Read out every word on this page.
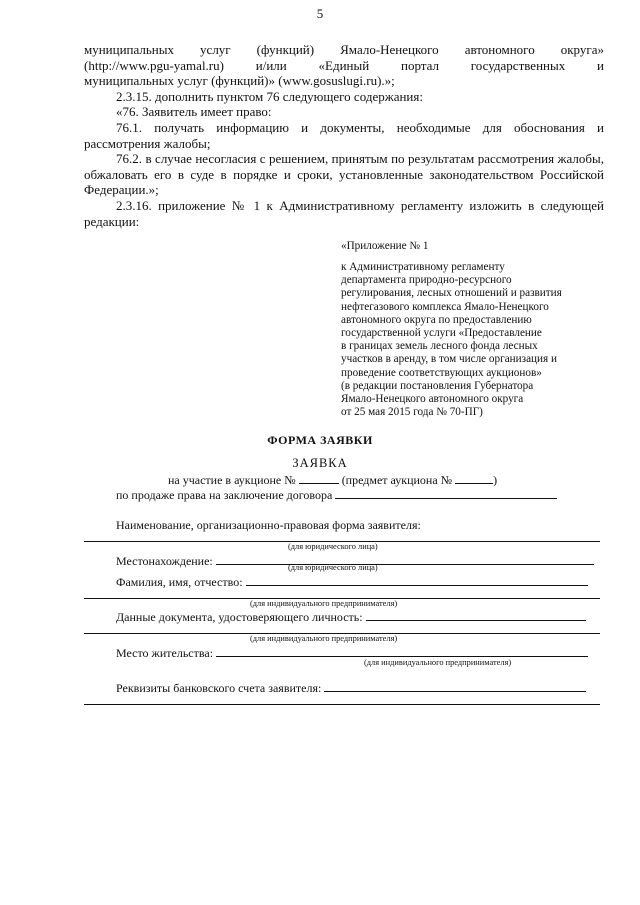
5

муниципальных услуг (функций) Ямало-Ненецкого автономного округа»

(http://www.pgu-yamal.ru) и/или «Единый портал государственных и

муниципальных услуг (функций)» (www.gosuslugi.ru).»;

2.3.15. дополнить пунктом 76 следующего содержания:

«76. Заявитель имеет право:

76.1. получать информацию и документы, необходимые для обоснования и рассмотрения жалобы;

76.2. в случае несогласия с решением, принятым по результатам рассмотрения жалобы, обжаловать его в суде в порядке и сроки, установленные законодательством Российской Федерации.»;

2.3.16. приложение № 1 к Административному регламенту изложить в следующей редакции:

«Приложение № 1
к Административному регламенту
департамента природно-ресурсного
регулирования, лесных отношений и развития
нефтегазового комплекса Ямало-Ненецкого
автономного округа по предоставлению
государственной услуги «Предоставление
в границах земель лесного фонда лесных
участков в аренду, в том числе организация и
проведение соответствующих аукционов»
(в редакции постановления Губернатора
Ямало-Ненецкого автономного округа
от 25 мая 2015 года № 70-ПГ)
ФОРМА ЗАЯВКИ
ЗАЯВКА
на участие в аукционе №	(предмет аукциона №	)
по продаже права на заключение договора
Наименование, организационно-правовая форма заявителя:
(для юридического лица)
Местонахождение:	(для юридического лица)
Фамилия, имя, отчество:
(для индивидуального предпринимателя)
Данные документа, удостоверяющего личность:
(для индивидуального предпринимателя)
Место жительства:
(для индивидуального предпринимателя)
Реквизиты банковского счета заявителя:
